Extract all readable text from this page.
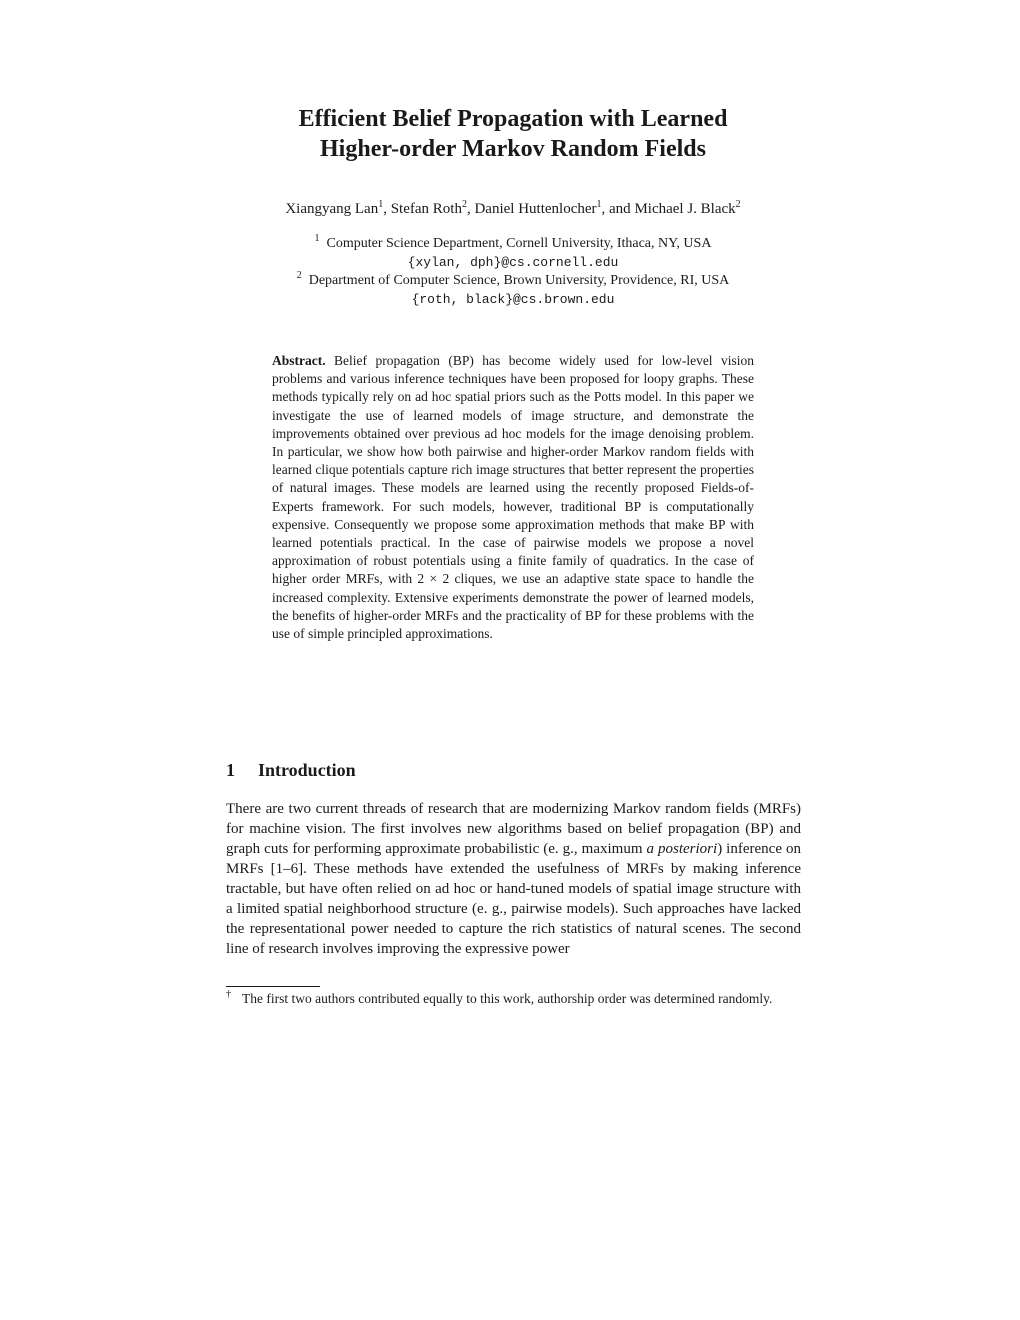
Efficient Belief Propagation with Learned
Higher-order Markov Random Fields
Xiangyang Lan$^1$, Stefan Roth$^2$, Daniel Huttenlocher$^1$, and Michael J. Black$^2$
$^1$ Computer Science Department, Cornell University, Ithaca, NY, USA
{xylan, dph}@cs.cornell.edu
$^2$ Department of Computer Science, Brown University, Providence, RI, USA
{roth, black}@cs.brown.edu
Abstract. Belief propagation (BP) has become widely used for low-level vision problems and various inference techniques have been proposed for loopy graphs. These methods typically rely on ad hoc spatial priors such as the Potts model. In this paper we investigate the use of learned models of image structure, and demonstrate the improvements obtained over previous ad hoc models for the image denoising problem. In particular, we show how both pairwise and higher-order Markov random fields with learned clique potentials capture rich image structures that better represent the properties of natural images. These models are learned using the recently proposed Fields-of-Experts framework. For such models, however, traditional BP is computationally expensive. Consequently we propose some approximation methods that make BP with learned potentials practical. In the case of pairwise models we propose a novel approximation of robust potentials using a finite family of quadratics. In the case of higher order MRFs, with 2 × 2 cliques, we use an adaptive state space to handle the increased complexity. Extensive experiments demonstrate the power of learned models, the benefits of higher-order MRFs and the practicality of BP for these problems with the use of simple principled approximations.
1 Introduction
There are two current threads of research that are modernizing Markov random fields (MRFs) for machine vision. The first involves new algorithms based on belief propagation (BP) and graph cuts for performing approximate probabilistic (e. g., maximum a posteriori) inference on MRFs [1–6]. These methods have extended the usefulness of MRFs by making inference tractable, but have often relied on ad hoc or hand-tuned models of spatial image structure with a limited spatial neighborhood structure (e. g., pairwise models). Such approaches have lacked the representational power needed to capture the rich statistics of natural scenes. The second line of research involves improving the expressive power
† The first two authors contributed equally to this work, authorship order was determined randomly.
